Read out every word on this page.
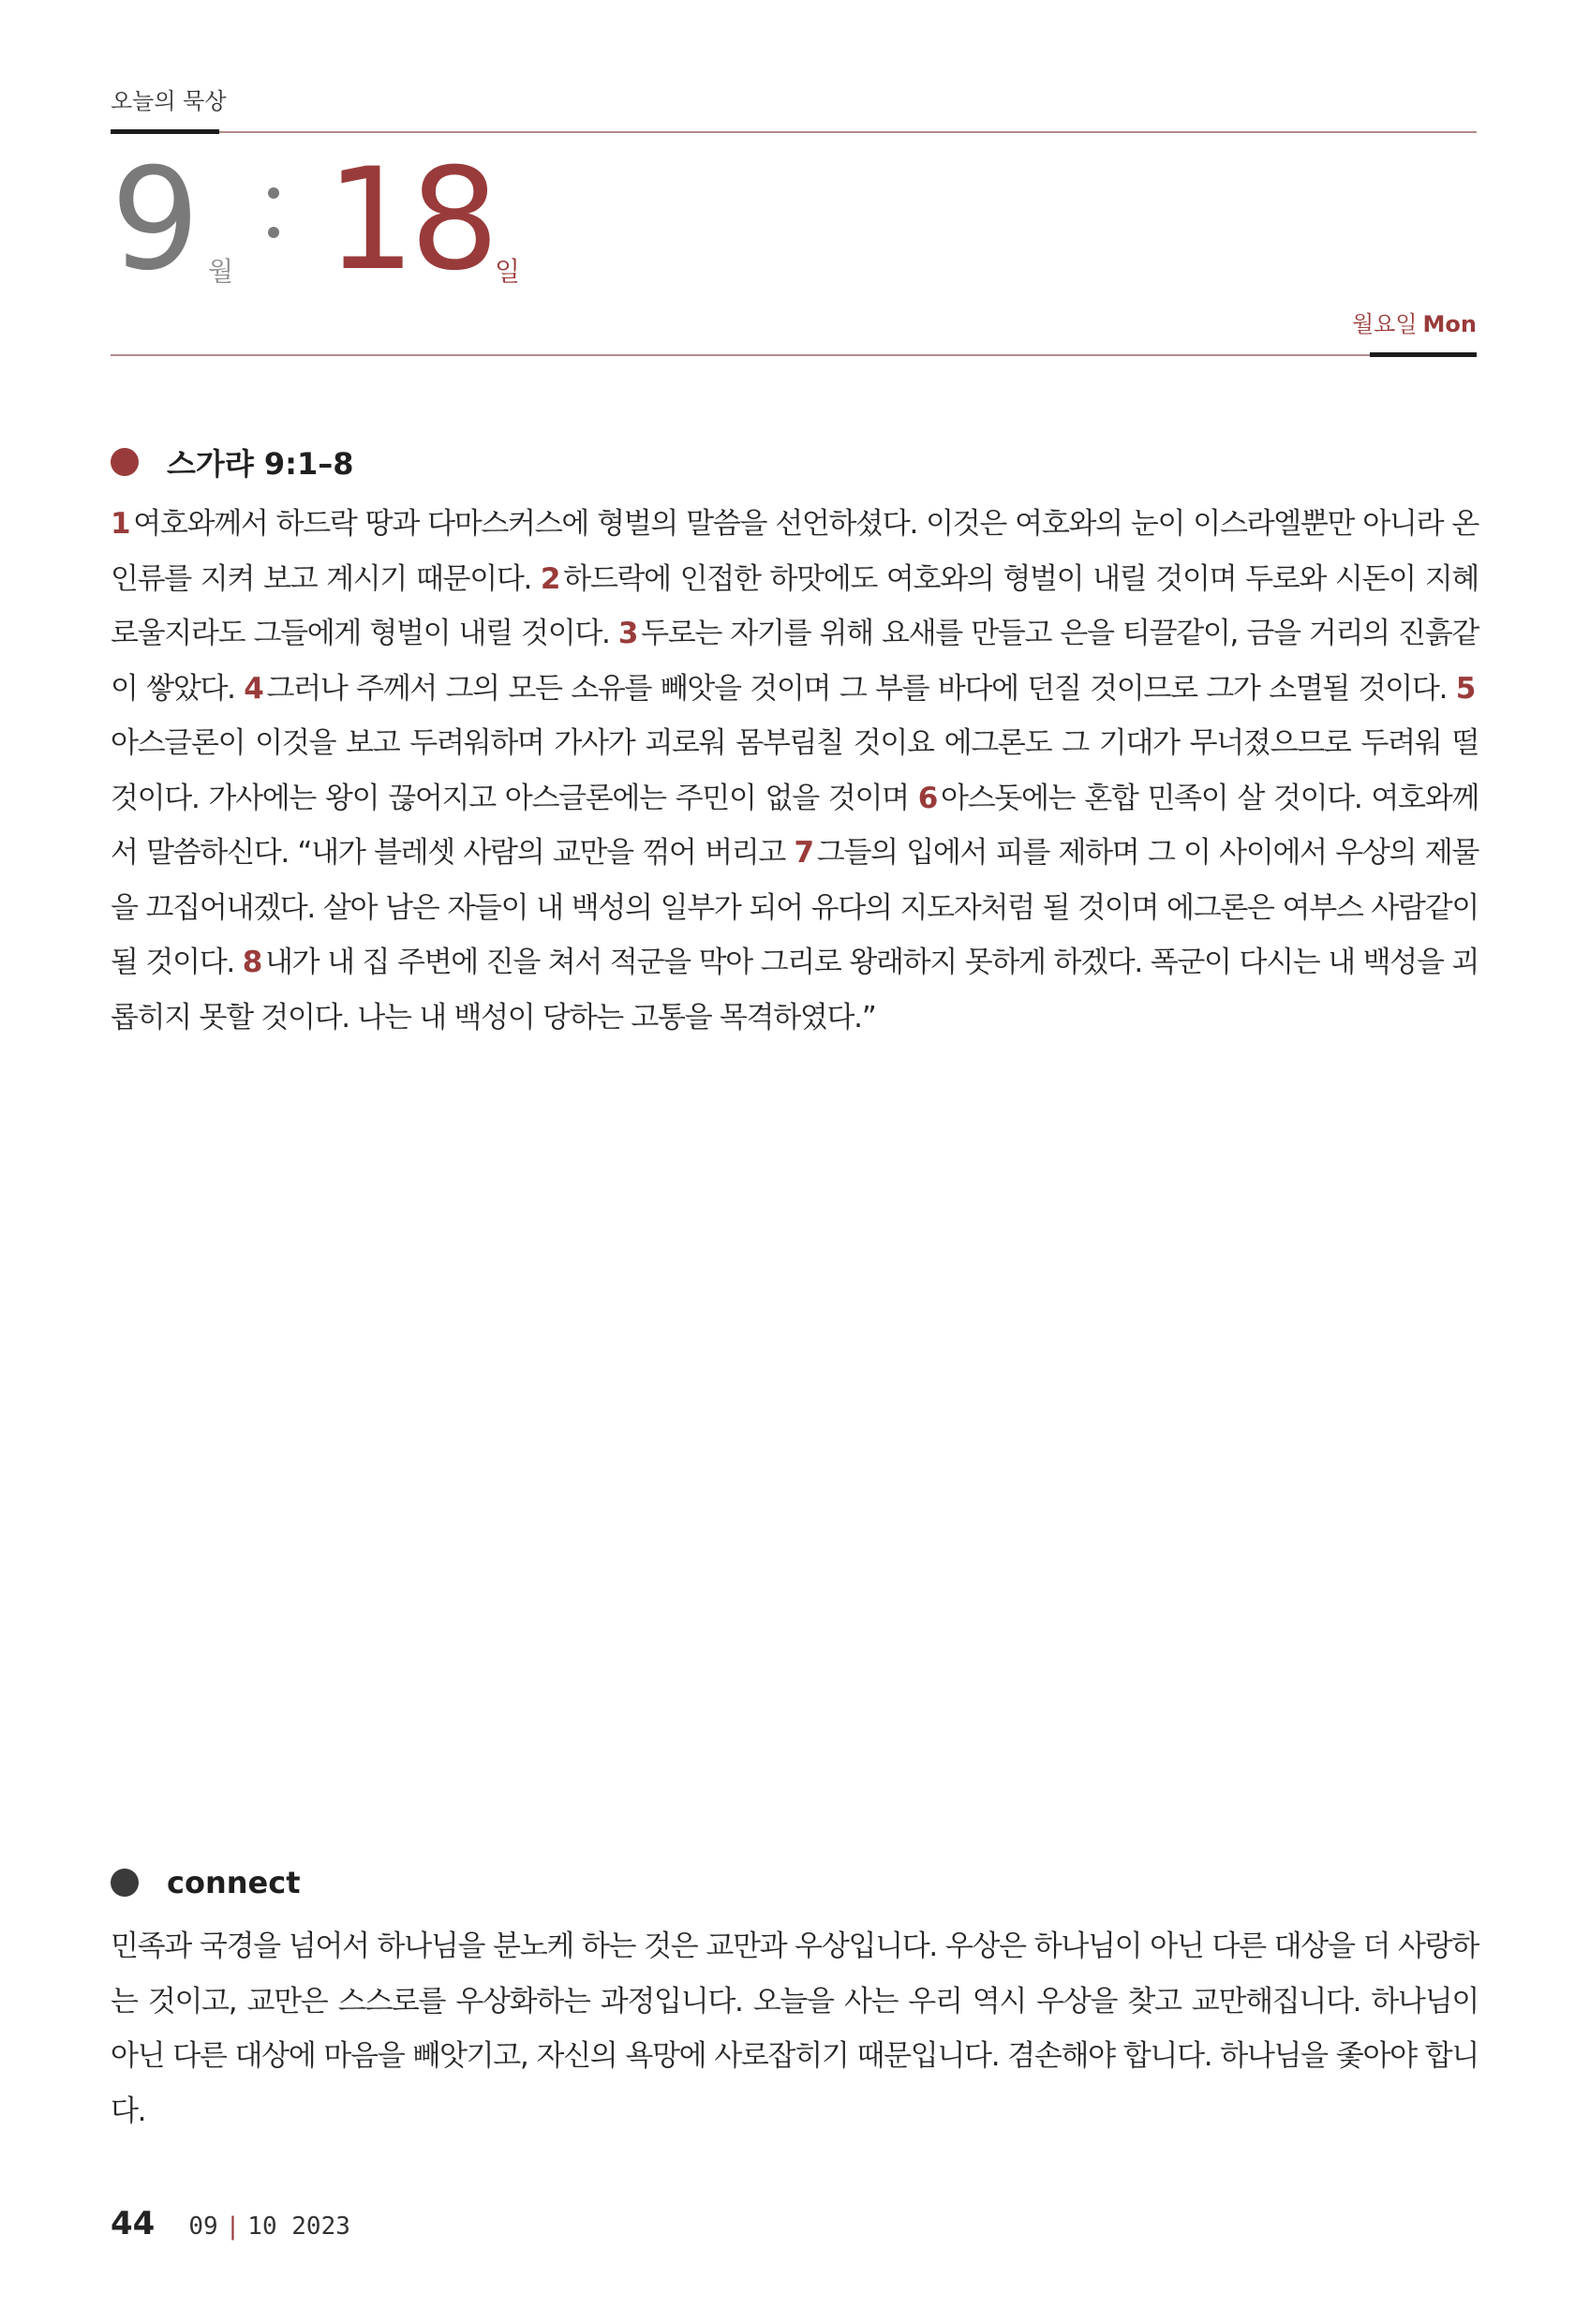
오늘의 묵상
9 월 18 일
월요일 Mon
스가랴 9:1–8
1 여호와께서 하드락 땅과 다마스커스에 형벌의 말씀을 선언하셨다. 이것은 여호와의 눈이 이스라엘뿐만 아니라 온 인류를 지켜 보고 계시기 때문이다. 2 하드락에 인접한 하맛에도 여호와의 형벌이 내릴 것이며 두로와 시돈이 지혜로울지라도 그들에게 형벌이 내릴 것이다. 3 두로는 자기를 위해 요새를 만들고 은을 티끌같이, 금을 거리의 진흙같이 쌓았다. 4 그러나 주께서 그의 모든 소유를 빼앗을 것이며 그 부를 바다에 던질 것이므로 그가 소멸될 것이다. 5아스글론이 이것을 보고 두려워하며 가사가 괴로워 몸부림칠 것이요 에그론도 그 기대가 무너졌으므로 두려워 떨 것이다. 가사에는 왕이 끊어지고 아스글론에는 주민이 없을 것이며 6 아스돗에는 혼합 민족이 살 것이다. 여호와께서 말씀하신다. “내가 블레셋 사람의 교만을 꺾어 버리고 7 그들의 입에서 피를 제하며 그 이 사이에서 우상의 제물을 끄집어내겠다. 살아 남은 자들이 내 백성의 일부가 되어 유다의 지도자처럼 될 것이며 에그론은 여부스 사람같이 될 것이다. 8 내가 내 집 주변에 진을 쳐서 적군을 막아 그리로 왕래하지 못하게 하겠다. 폭군이 다시는 내 백성을 괴롭히지 못할 것이다. 나는 내 백성이 당하는 고통을 목격하였다.”
connect
민족과 국경을 넘어서 하나님을 분노케 하는 것은 교만과 우상입니다. 우상은 하나님이 아닌 다른 대상을 더 사랑하는 것이고, 교만은 스스로를 우상화하는 과정입니다. 오늘을 사는 우리 역시 우상을 찾고 교만해집니다. 하나님이 아닌 다른 대상에 마음을 빼앗기고, 자신의 욕망에 사로잡히기 때문입니다. 겸손해야 합니다. 하나님을 좇아야 합니다.
44 09 | 10 2023
